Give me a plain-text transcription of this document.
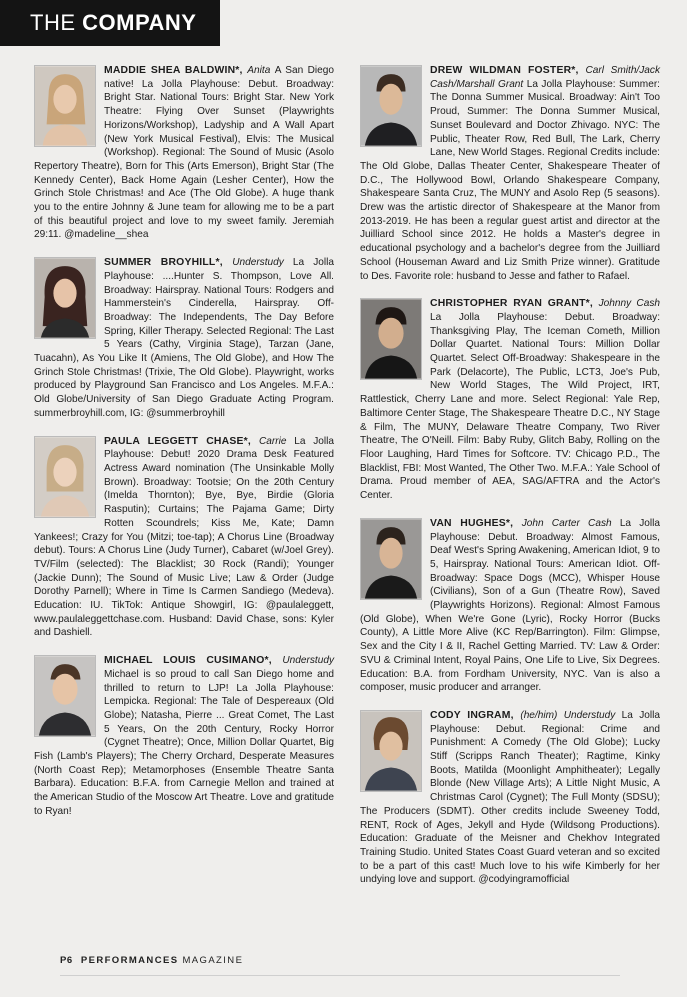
THE COMPANY
MADDIE SHEA BALDWIN*, Anita A San Diego native! La Jolla Playhouse: Debut. Broadway: Bright Star. National Tours: Bright Star. New York Theatre: Flying Over Sunset (Playwrights Horizons/Workshop), Ladyship and A Wall Apart (New York Musical Festival), Elvis: The Musical (Workshop). Regional: The Sound of Music (Asolo Repertory Theatre), Born for This (Arts Emerson), Bright Star (The Kennedy Center), Back Home Again (Lesher Center), How the Grinch Stole Christmas! and Ace (The Old Globe). A huge thank you to the entire Johnny & June team for allowing me to be a part of this beautiful project and love to my sweet family. Jeremiah 29:11. @madeline__shea
SUMMER BROYHILL*, Understudy La Jolla Playhouse: ....Hunter S. Thompson, Love All. Broadway: Hairspray. National Tours: Rodgers and Hammerstein's Cinderella, Hairspray. Off-Broadway: The Independents, The Day Before Spring, Killer Therapy. Selected Regional: The Last 5 Years (Cathy, Virginia Stage), Tarzan (Jane, Tuacahn), As You Like It (Amiens, The Old Globe), and How The Grinch Stole Christmas! (Trixie, The Old Globe). Playwright, works produced by Playground San Francisco and Los Angeles. M.F.A.: Old Globe/University of San Diego Graduate Acting Program. summerbroyhill.com, IG: @summerbroyhill
PAULA LEGGETT CHASE*, Carrie La Jolla Playhouse: Debut! 2020 Drama Desk Featured Actress Award nomination (The Unsinkable Molly Brown). Broadway: Tootsie; On the 20th Century (Imelda Thornton); Bye, Bye, Birdie (Gloria Rasputin); Curtains; The Pajama Game; Dirty Rotten Scoundrels; Kiss Me, Kate; Damn Yankees!; Crazy for You (Mitzi; toe-tap); A Chorus Line (Broadway debut). Tours: A Chorus Line (Judy Turner), Cabaret (w/Joel Grey). TV/Film (selected): The Blacklist; 30 Rock (Randi); Younger (Jackie Dunn); The Sound of Music Live; Law & Order (Judge Dorothy Parnell); Where in Time Is Carmen Sandiego (Medeva). Education: IU. TikTok: Antique Showgirl, IG: @paulaleggett, www.paulaleggettchase.com. Husband: David Chase, sons: Kyler and Dashiell.
MICHAEL LOUIS CUSIMANO*, Understudy Michael is so proud to call San Diego home and thrilled to return to LJP! La Jolla Playhouse: Lempicka. Regional: The Tale of Despereaux (Old Globe); Natasha, Pierre ... Great Comet, The Last 5 Years, On the 20th Century, Rocky Horror (Cygnet Theatre); Once, Million Dollar Quartet, Big Fish (Lamb's Players); The Cherry Orchard, Desperate Measures (North Coast Rep); Metamorphoses (Ensemble Theatre Santa Barbara). Education: B.F.A. from Carnegie Mellon and trained at the American Studio of the Moscow Art Theatre. Love and gratitude to Ryan!
DREW WILDMAN FOSTER*, Carl Smith/Jack Cash/Marshall Grant La Jolla Playhouse: Summer: The Donna Summer Musical. Broadway: Ain't Too Proud, Summer: The Donna Summer Musical, Sunset Boulevard and Doctor Zhivago. NYC: The Public, Theater Row, Red Bull, The Lark, Cherry Lane, New World Stages. Regional Credits include: The Old Globe, Dallas Theater Center, Shakespeare Theater of D.C., The Hollywood Bowl, Orlando Shakespeare Company, Shakespeare Santa Cruz, The MUNY and Asolo Rep (5 seasons). Drew was the artistic director of Shakespeare at the Manor from 2013-2019. He has been a regular guest artist and director at the Juilliard School since 2012. He holds a Master's degree in educational psychology and a bachelor's degree from the Juilliard School (Houseman Award and Liz Smith Prize winner). Gratitude to Des. Favorite role: husband to Jesse and father to Rafael.
CHRISTOPHER RYAN GRANT*, Johnny Cash La Jolla Playhouse: Debut. Broadway: Thanksgiving Play, The Iceman Cometh, Million Dollar Quartet. National Tours: Million Dollar Quartet. Select Off-Broadway: Shakespeare in the Park (Delacorte), The Public, LCT3, Joe's Pub, New World Stages, The Wild Project, IRT, Rattlestick, Cherry Lane and more. Select Regional: Yale Rep, Baltimore Center Stage, The Shakespeare Theatre D.C., NY Stage & Film, The MUNY, Delaware Theatre Company, Two River Theatre, The O'Neill. Film: Baby Ruby, Glitch Baby, Rolling on the Floor Laughing, Hard Times for Softcore. TV: Chicago P.D., The Blacklist, FBI: Most Wanted, The Other Two. M.F.A.: Yale School of Drama. Proud member of AEA, SAG/AFTRA and the Actor's Center.
VAN HUGHES*, John Carter Cash La Jolla Playhouse: Debut. Broadway: Almost Famous, Deaf West's Spring Awakening, American Idiot, 9 to 5, Hairspray. National Tours: American Idiot. Off-Broadway: Space Dogs (MCC), Whisper House (Civilians), Son of a Gun (Theatre Row), Saved (Playwrights Horizons). Regional: Almost Famous (Old Globe), When We're Gone (Lyric), Rocky Horror (Bucks County), A Little More Alive (KC Rep/Barrington). Film: Glimpse, Sex and the City I & II, Rachel Getting Married. TV: Law & Order: SVU & Criminal Intent, Royal Pains, One Life to Live, Six Degrees. Education: B.A. from Fordham University, NYC. Van is also a composer, music producer and arranger.
CODY INGRAM, (he/him) Understudy La Jolla Playhouse: Debut. Regional: Crime and Punishment: A Comedy (The Old Globe); Lucky Stiff (Scripps Ranch Theater); Ragtime, Kinky Boots, Matilda (Moonlight Amphitheater); Legally Blonde (New Village Arts); A Little Night Music, A Christmas Carol (Cygnet); The Full Monty (SDSU); The Producers (SDMT). Other credits include Sweeney Todd, RENT, Rock of Ages, Jekyll and Hyde (Wildsong Productions). Education: Graduate of the Meisner and Chekhov Integrated Training Studio. United States Coast Guard veteran and so excited to be a part of this cast! Much love to his wife Kimberly for her undying love and support. @codyingramofficial
P6 PERFORMANCES MAGAZINE
